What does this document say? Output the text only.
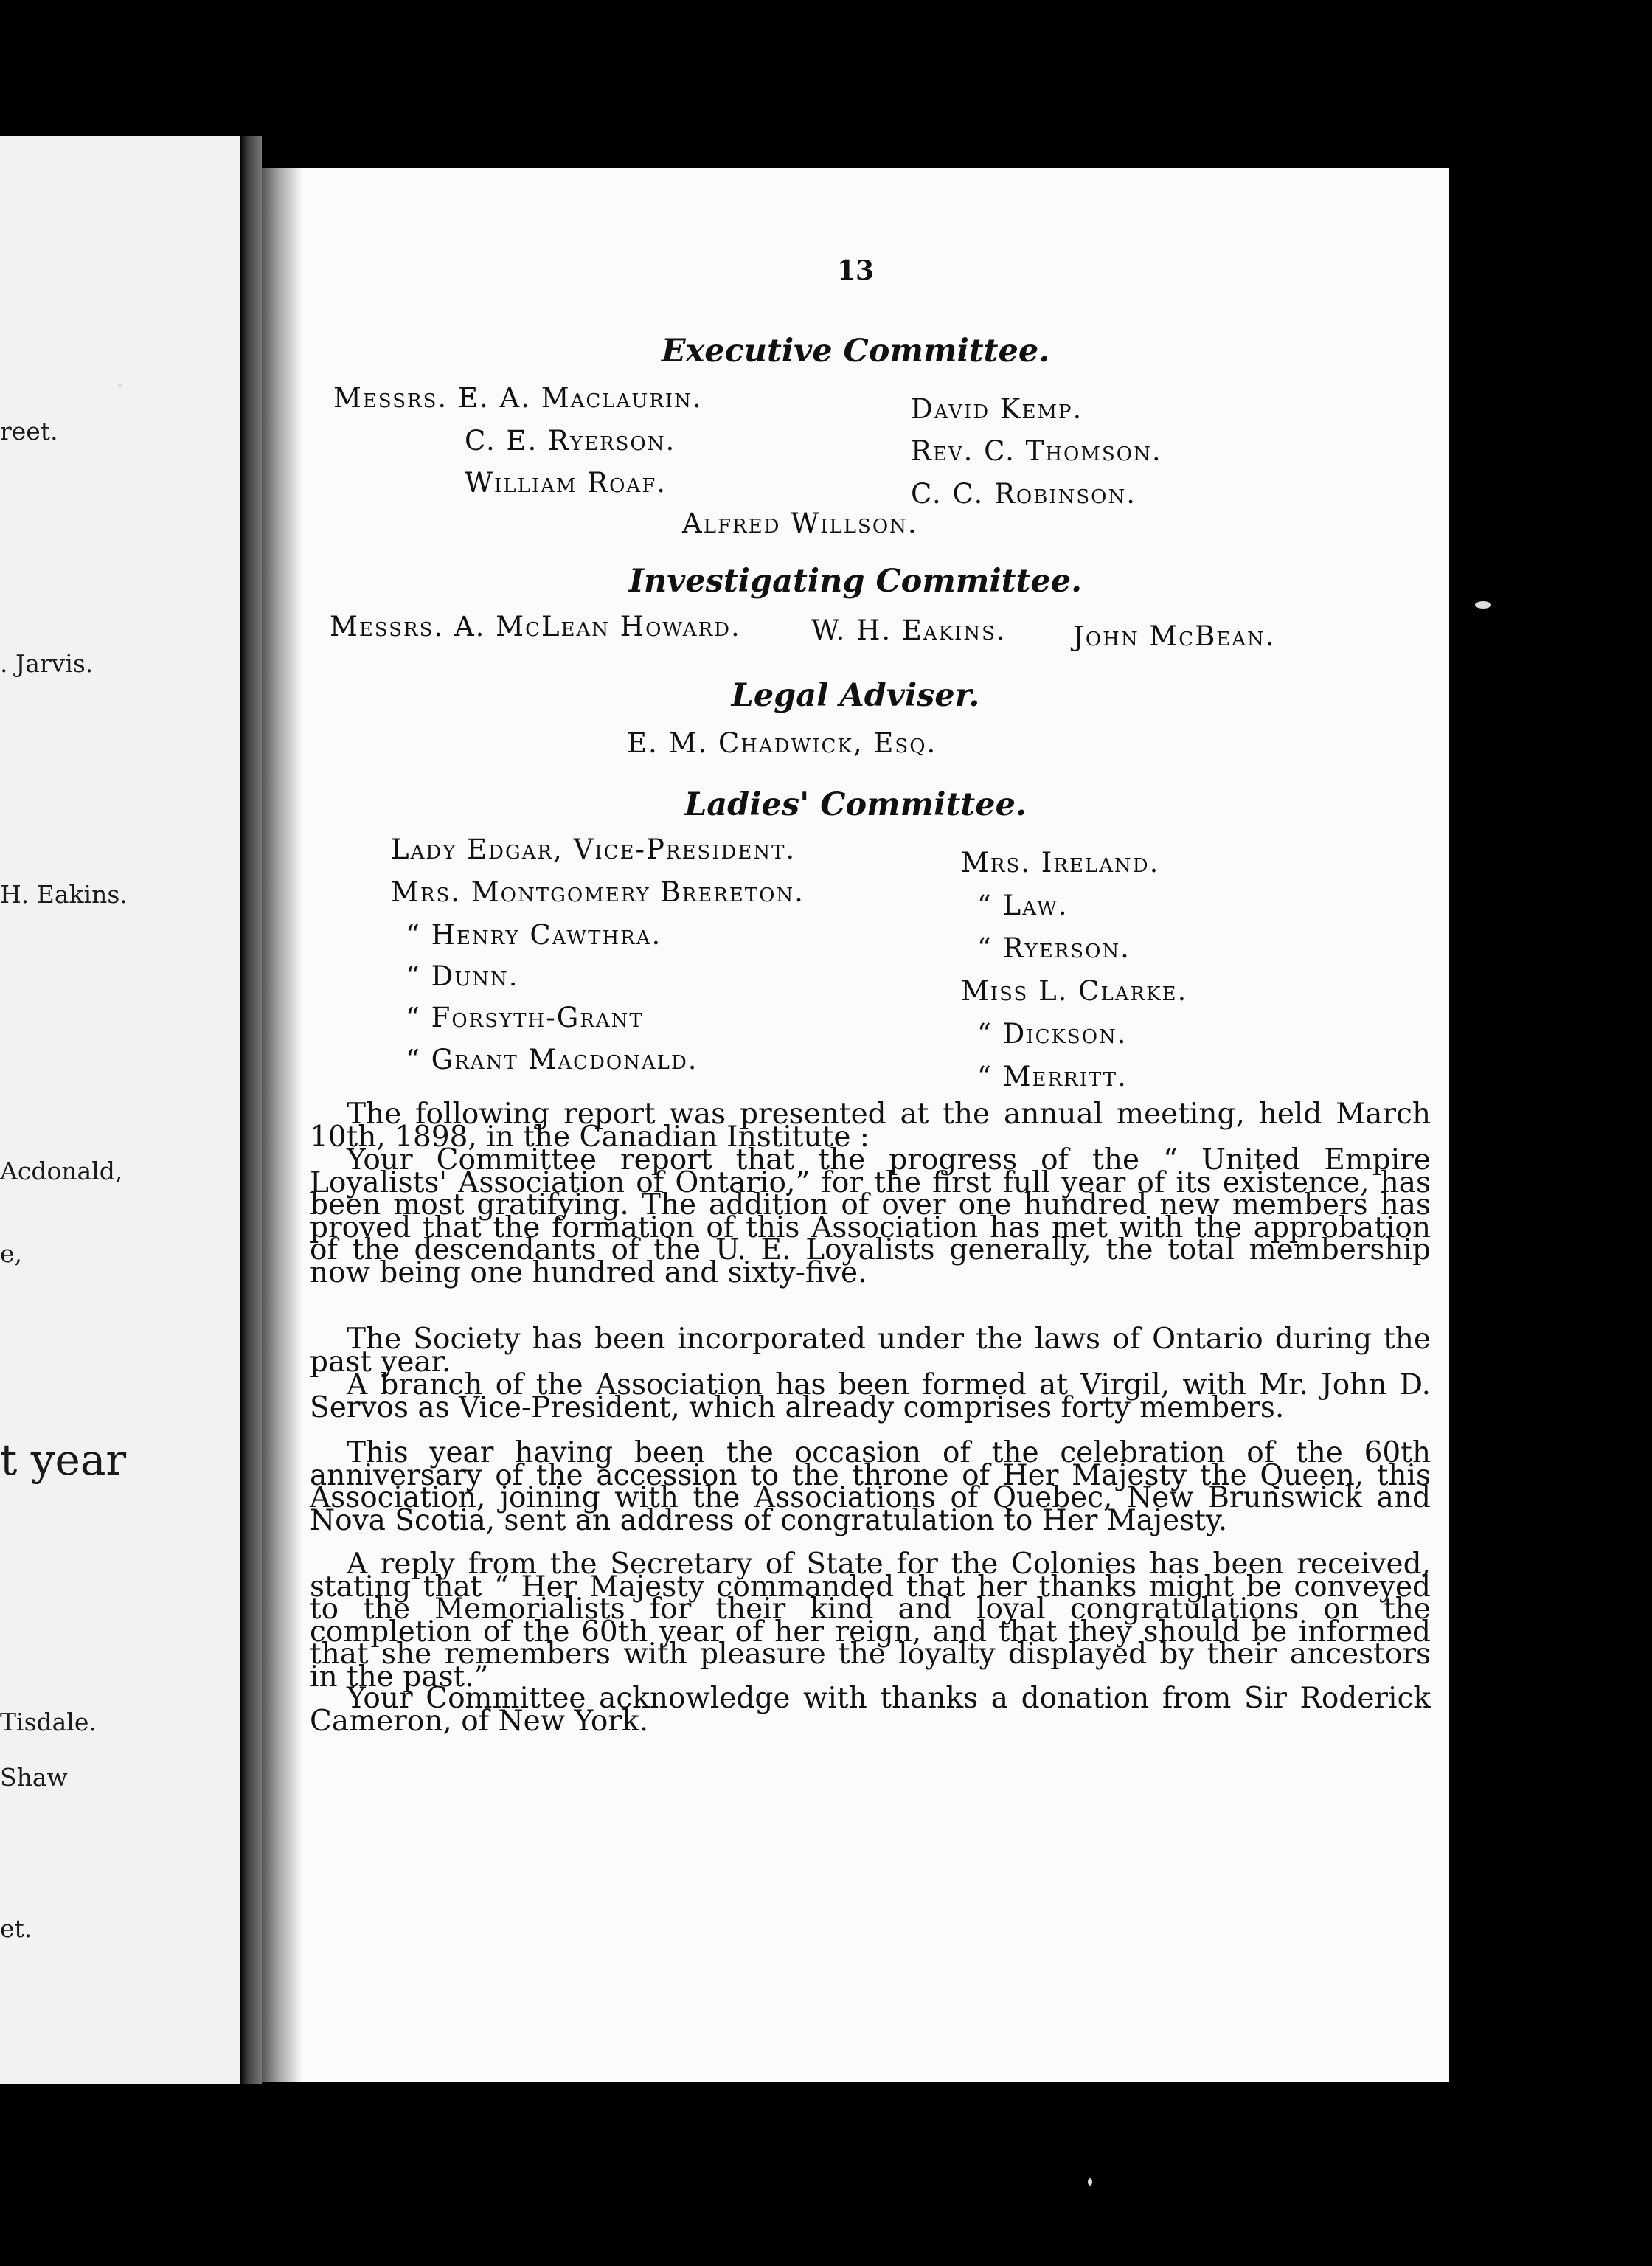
reet.
. Jarvis.
H. Eakins.
Acdonald,
e,
t year
Tisdale.
Shaw
et.
13
Executive Committee.
Messrs. E. A. Maclaurin.
C. E. Ryerson.
William Roaf.
David Kemp.
Rev. C. Thomson.
C. C. Robinson.
Alfred Willson.
Investigating Committee.
Messrs. A. McLean Howard.	W. H. Eakins. John McBean.
Legal Adviser.
E. M. Chadwick, Esq.
Ladies' Committee.
Lady Edgar, Vice-President.
Mrs. Montgomery Brereton.
“ Henry Cawthra.
“ Dunn.
“ Forsyth-Grant
“ Grant Macdonald.
Mrs. Ireland.
“ Law.
“ Ryerson.
Miss L. Clarke.
“ Dickson.
“ Merritt.

The following report was presented at the annual meeting, held March 10th, 1898, in the Canadian Institute :

Your Committee report that the progress of the “ United Empire Loyalists' Association of Ontario,” for the first full year of its existence, has been most gratifying. The addition of over one hundred new members has proved that the formation of this Association has met with the approbation of the descendants of the U. E. Loyalists generally, the total membership now being one hundred and sixty-five.

The Society has been incorporated under the laws of Ontario during the past year.

A branch of the Association has been formed at Virgil, with Mr. John D. Servos as Vice-President, which already comprises forty members.

This year having been the occasion of the celebration of the 60th anniversary of the accession to the throne of Her Majesty the Queen, this Association, joining with the Associations of Quebec, New Brunswick and Nova Scotia, sent an address of congratulation to Her Majesty.

A reply from the Secretary of State for the Colonies has been received, stating that “ Her Majesty commanded that her thanks might be conveyed to the Memorialists for their kind and loyal congratulations on the completion of the 60th year of her reign, and that they should be informed that she remembers with pleasure the loyalty displayed by their ancestors in the past.”

Your Committee acknowledge with thanks a donation from Sir Roderick Cameron, of New York.
